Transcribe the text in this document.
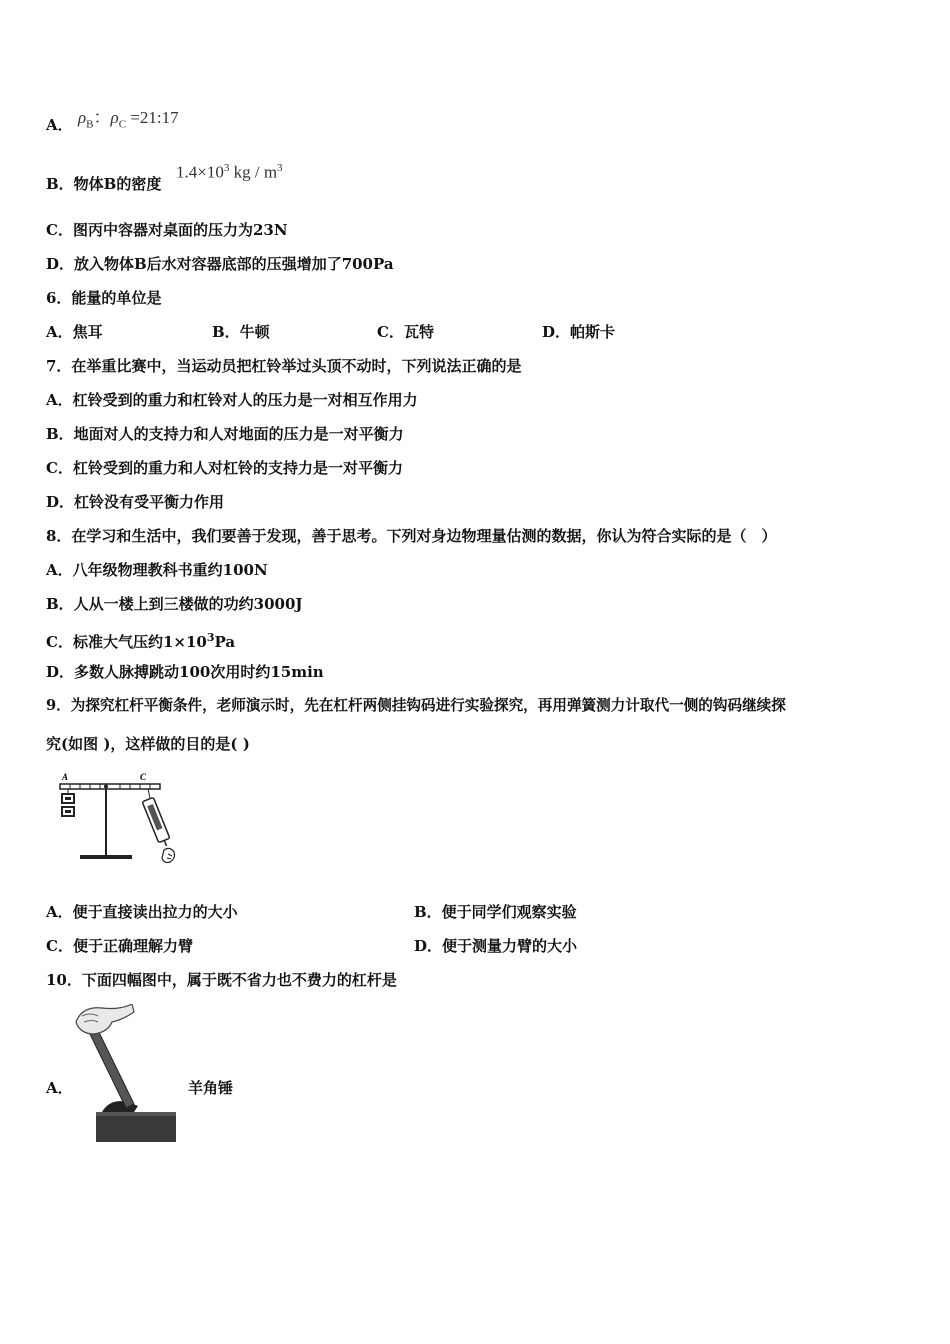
A． $\rho_B$：$\rho_C$ =21:17
B．物体B的密度
$1.4\times 10^3$ kg / $m^3$
C．图丙中容器对桌面的压力为23N
D．放入物体B后水对容器底部的压强增加了700Pa
6．能量的单位是
A．焦耳	B．牛顿	C．瓦特	D．帕斯卡
7．在举重比赛中，当运动员把杠铃举过头顶不动时，下列说法正确的是
A．杠铃受到的重力和杠铃对人的压力是一对相互作用力
B．地面对人的支持力和人对地面的压力是一对平衡力
C．杠铃受到的重力和人对杠铃的支持力是一对平衡力
D．杠铃没有受平衡力作用
8．在学习和生活中，我们要善于发现，善于思考。下列对身边物理量估测的数据，你认为符合实际的是（　）
A．八年级物理教科书重约100N
B．人从一楼上到三楼做的功约3000J
C．标准大气压约$1\times 10^3Pa$
D．多数人脉搏跳动100次用时约15min
9．为探究杠杆平衡条件，老师演示时，先在杠杆两侧挂钩码进行实验探究，再用弹簧测力计取代一侧的钩码继续探
究(如图 )，这样做的目的是( )
A	C
A．便于直接读出拉力的大小	B．便于同学们观察实验
C．便于正确理解力臂	D．便于测量力臂的大小
10．下面四幅图中，属于既不省力也不费力的杠杆是
A．	羊角锤
